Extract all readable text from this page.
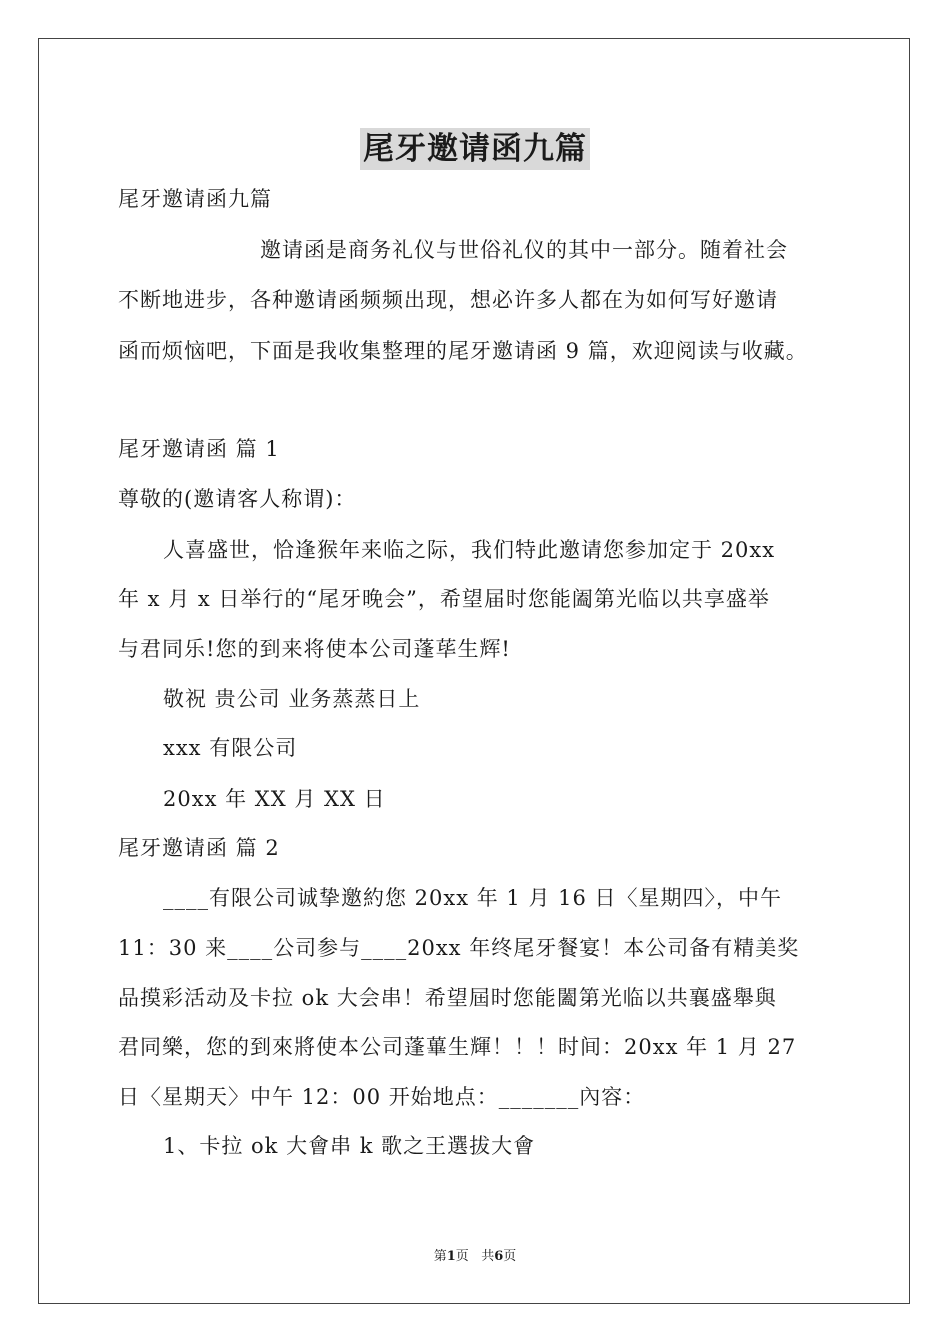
尾牙邀请函九篇
尾牙邀请函九篇
邀请函是商务礼仪与世俗礼仪的其中一部分。随着社会
不断地进步，各种邀请函频频出现，想必许多人都在为如何写好邀请
函而烦恼吧，下面是我收集整理的尾牙邀请函 9 篇，欢迎阅读与收藏。
尾牙邀请函 篇 1
尊敬的(邀请客人称谓)：
人喜盛世，恰逢猴年来临之际，我们特此邀请您参加定于 20xx
年 x 月 x 日举行的“尾牙晚会”，希望届时您能阖第光临以共享盛举
与君同乐!您的到来将使本公司蓬荜生辉!
敬祝 贵公司 业务蒸蒸日上
xxx 有限公司
20xx 年 XX 月 XX 日
尾牙邀请函 篇 2
____有限公司诚挚邀約您 20xx 年 1 月 16 日〈星期四〉，中午
11：30 来____公司参与____20xx 年终尾牙餐宴！本公司备有精美奖
品摸彩活动及卡拉 ok 大会串！希望屆时您能闔第光临以共襄盛舉與
君同樂，您的到來將使本公司蓬蓽生輝！！！时间：20xx 年 1 月 27
日〈星期天〉中午 12：00 开始地点：_______內容：
1、卡拉 ok 大會串 k 歌之王選拔大會
第1页   共6页
